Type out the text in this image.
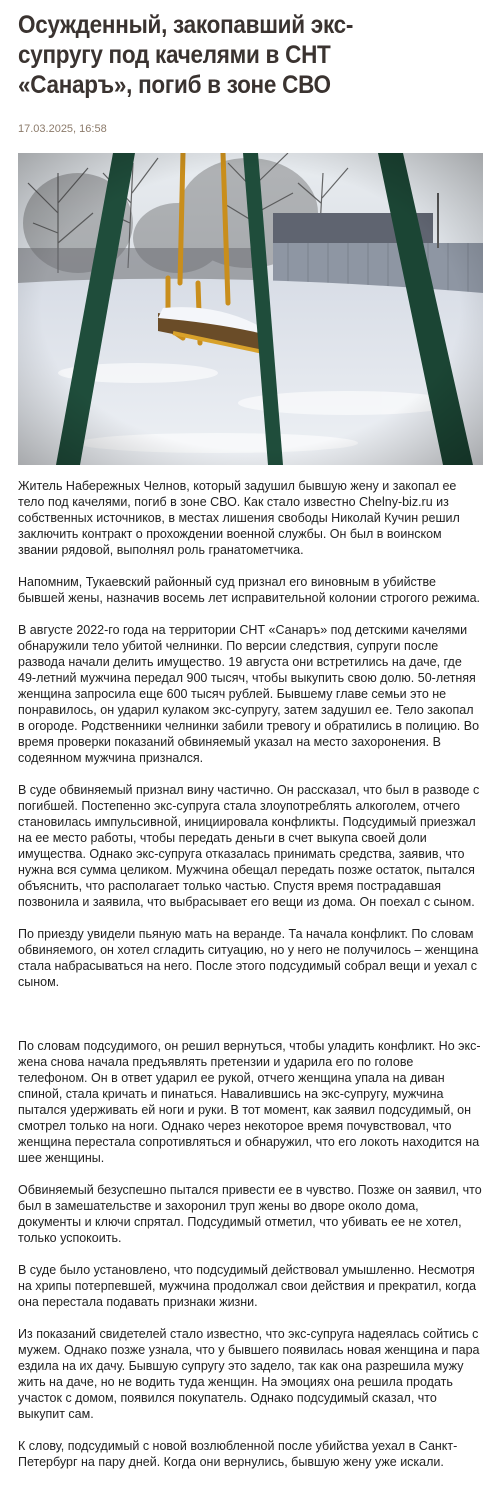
Осужденный, закопавший экс-супругу под качелями в СНТ «Санаръ», погиб в зоне СВО
17.03.2025, 16:58

Житель Набережных Челнов, который задушил бывшую жену и закопал ее тело под качелями, погиб в зоне СВО. Как стало известно Chelny-biz.ru из собственных источников, в местах лишения свободы Николай Кучин решил заключить контракт о прохождении военной службы. Он был в воинском звании рядовой, выполнял роль гранатометчика.

Напомним, Тукаевский районный суд признал его виновным в убийстве бывшей жены, назначив восемь лет исправительной колонии строгого режима.

В августе 2022-го года на территории СНТ «Санаръ» под детскими качелями обнаружили тело убитой челнинки. По версии следствия, супруги после развода начали делить имущество. 19 августа они встретились на даче, где 49-летний мужчина передал 900 тысяч, чтобы выкупить свою долю. 50-летняя женщина запросила еще 600 тысяч рублей. Бывшему главе семьи это не понравилось, он ударил кулаком экс-супругу, затем задушил ее. Тело закопал в огороде. Родственники челнинки забили тревогу и обратились в полицию. Во время проверки показаний обвиняемый указал на место захоронения. В содеянном мужчина признался.

В суде обвиняемый признал вину частично. Он рассказал, что был в разводе с погибшей. Постепенно экс-супруга стала злоупотреблять алкоголем, отчего становилась импульсивной, инициировала конфликты. Подсудимый приезжал на ее место работы, чтобы передать деньги в счет выкупа своей доли имущества. Однако экс-супруга отказалась принимать средства, заявив, что нужна вся сумма целиком. Мужчина обещал передать позже остаток, пытался объяснить, что располагает только частью. Спустя время пострадавшая позвонила и заявила, что выбрасывает его вещи из дома. Он поехал с сыном.

По приезду увидели пьяную мать на веранде. Та начала конфликт. По словам обвиняемого, он хотел сгладить ситуацию, но у него не получилось – женщина стала набрасываться на него. После этого подсудимый собрал вещи и уехал с сыном.

По словам подсудимого, он решил вернуться, чтобы уладить конфликт. Но экс-жена снова начала предъявлять претензии и ударила его по голове телефоном. Он в ответ ударил ее рукой, отчего женщина упала на диван спиной, стала кричать и пинаться. Навалившись на экс-супругу, мужчина пытался удерживать ей ноги и руки. В тот момент, как заявил подсудимый, он смотрел только на ноги. Однако через некоторое время почувствовал, что женщина перестала сопротивляться и обнаружил, что его локоть находится на шее женщины.

Обвиняемый безуспешно пытался привести ее в чувство. Позже он заявил, что был в замешательстве и захоронил труп жены во дворе около дома, документы и ключи спрятал. Подсудимый отметил, что убивать ее не хотел, только успокоить.

В суде было установлено, что подсудимый действовал умышленно. Несмотря на хрипы потерпевшей, мужчина продолжал свои действия и прекратил, когда она перестала подавать признаки жизни.

Из показаний свидетелей стало известно, что экс-супруга надеялась сойтись с мужем. Однако позже узнала, что у бывшего появилась новая женщина и пара ездила на их дачу. Бывшую супругу это задело, так как она разрешила мужу жить на даче, но не водить туда женщин. На эмоциях она решила продать участок с домом, появился покупатель. Однако подсудимый сказал, что выкупит сам.

К слову, подсудимый с новой возлюбленной после убийства уехал в Санкт-Петербург на пару дней. Когда они вернулись, бывшую жену уже искали.
